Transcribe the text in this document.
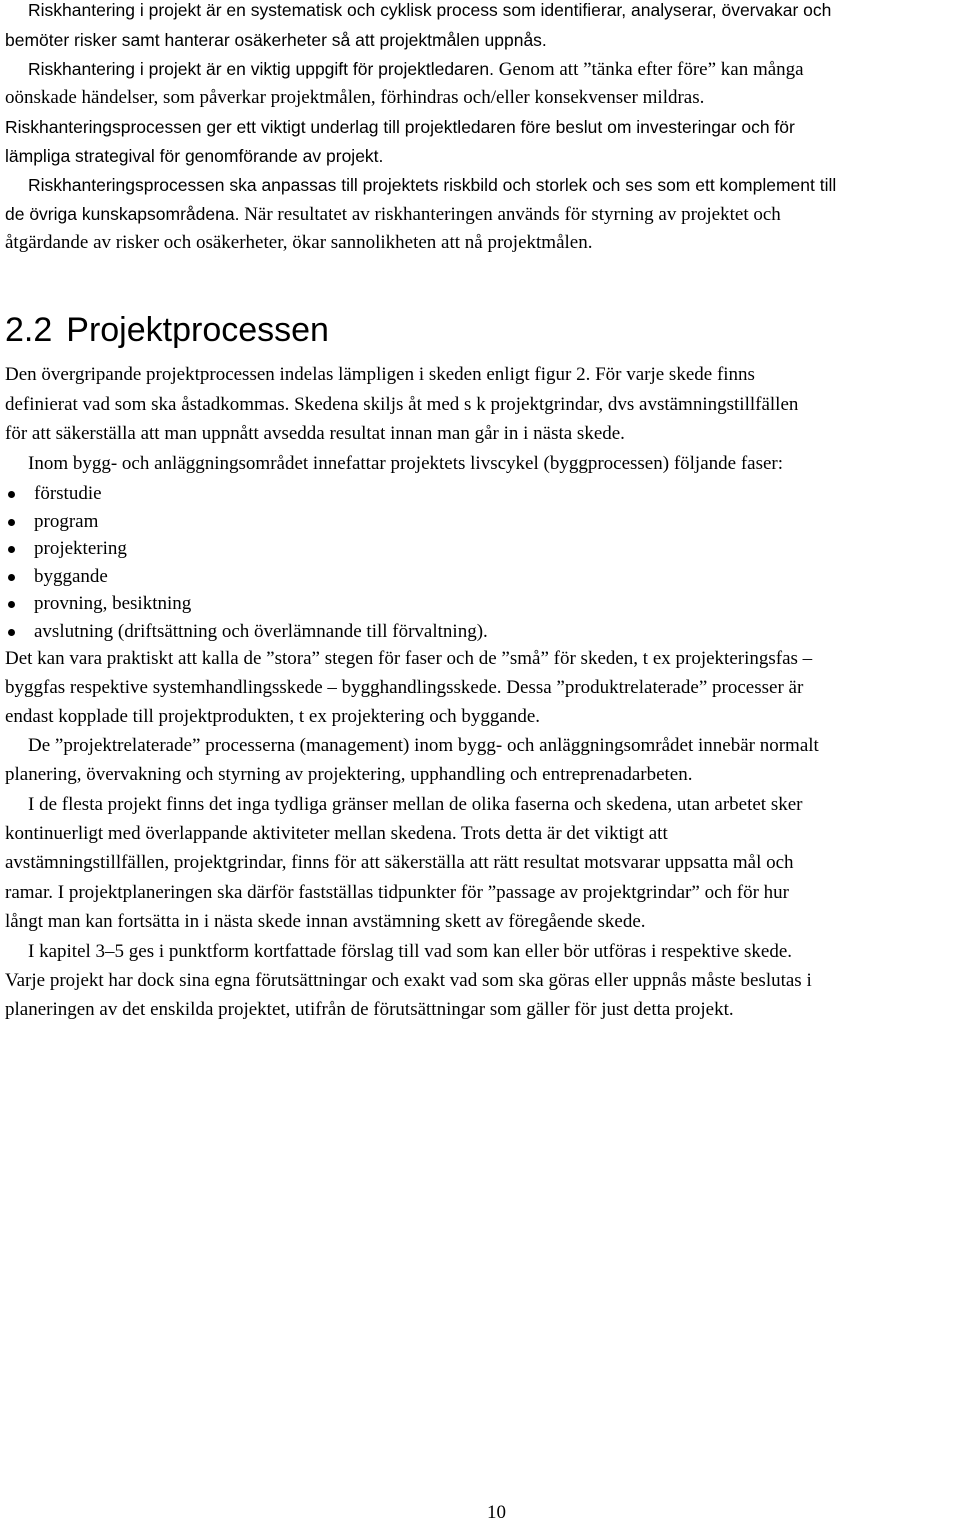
Riskhantering i projekt är en systematisk och cyklisk process som identifierar, analyserar, övervakar och
bemöter risker samt hanterar osäkerheter så att projektmålen uppnås.
Riskhantering i projekt är en viktig uppgift för projektledaren. Genom att ”tänka efter före” kan många
oönskade händelser, som påverkar projektmålen, förhindras och/eller konsekvenser mildras.
Riskhanteringsprocessen ger ett viktigt underlag till projektledaren före beslut om investeringar och för
lämpliga strategival för genomförande av projekt.
Riskhanteringsprocessen ska anpassas till projektets riskbild och storlek och ses som ett komplement till
de övriga kunskapsområdena. När resultatet av riskhanteringen används för styrning av projektet och
åtgärdande av risker och osäkerheter, ökar sannolikheten att nå projektmålen.
2.2 Projektprocessen
Den övergripande projektprocessen indelas lämpligen i skeden enligt figur 2. För varje skede finns
definierat vad som ska åstadkommas. Skedena skiljs åt med s k projektgrindar, dvs avstämningstillfällen
för att säkerställa att man uppnått avsedda resultat innan man går in i nästa skede.
Inom bygg- och anläggningsområdet innefattar projektets livscykel (byggprocessen) följande faser:
förstudie
program
projektering
byggande
provning, besiktning
avslutning (driftsättning och överlämnande till förvaltning).
Det kan vara praktiskt att kalla de ”stora” stegen för faser och de ”små” för skeden, t ex projekteringsfas –
byggfas respektive systemhandlingsskede – bygghandlingsskede. Dessa ”produktrelaterade” processer är
endast kopplade till projektprodukten, t ex projektering och byggande.
De ”projektrelaterade” processerna (management) inom bygg- och anläggningsområdet innebär normalt
planering, övervakning och styrning av projektering, upphandling och entreprenadarbeten.
I de flesta projekt finns det inga tydliga gränser mellan de olika faserna och skedena, utan arbetet sker
kontinuerligt med överlappande aktiviteter mellan skedena. Trots detta är det viktigt att
avstämningstillfällen, projektgrindar, finns för att säkerställa att rätt resultat motsvarar uppsatta mål och
ramar. I projektplaneringen ska därför fastställas tidpunkter för ”passage av projektgrindar” och för hur
långt man kan fortsätta in i nästa skede innan avstämning skett av föregående skede.
I kapitel 3–5 ges i punktform kortfattade förslag till vad som kan eller bör utföras i respektive skede.
Varje projekt har dock sina egna förutsättningar och exakt vad som ska göras eller uppnås måste beslutas i
planeringen av det enskilda projektet, utifrån de förutsättningar som gäller för just detta projekt.
10
